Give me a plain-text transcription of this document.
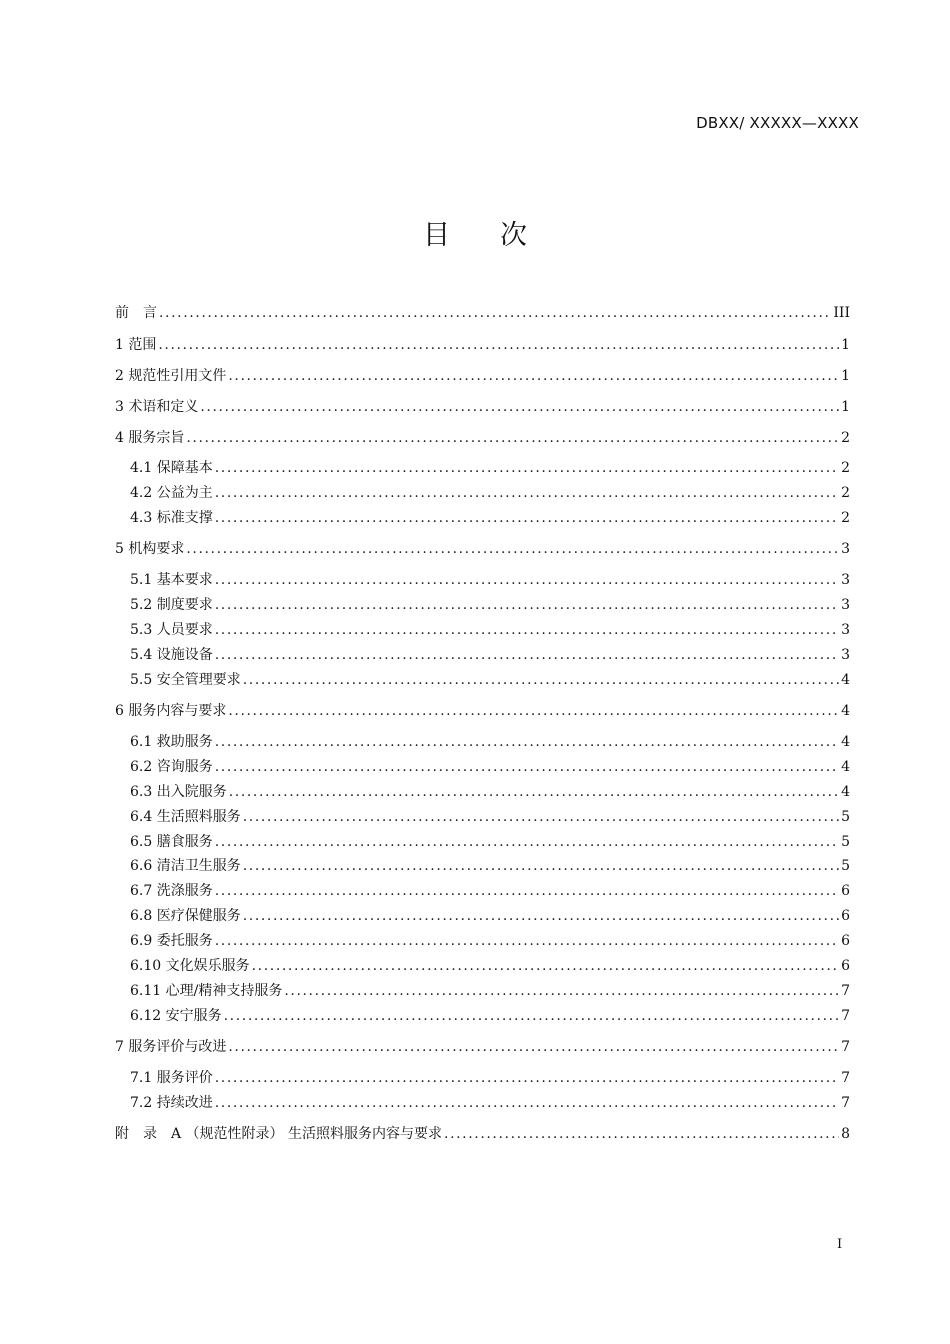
DBXX/ XXXXX—XXXX
目 次
前　言 .....	III
1 范围 .....	1
2 规范性引用文件 .....	1
3 术语和定义 .....	1
4 服务宗旨 .....	2
4.1 保障基本 .....	2
4.2 公益为主 .....	2
4.3 标准支撑 .....	2
5 机构要求 .....	3
5.1 基本要求 .....	3
5.2 制度要求 .....	3
5.3 人员要求 .....	3
5.4 设施设备 .....	3
5.5 安全管理要求 .....	4
6 服务内容与要求 .....	4
6.1 救助服务 .....	4
6.2 咨询服务 .....	4
6.3 出入院服务 .....	4
6.4 生活照料服务 .....	5
6.5 膳食服务 .....	5
6.6 清洁卫生服务 .....	5
6.7 洗涤服务 .....	6
6.8 医疗保健服务 .....	6
6.9 委托服务 .....	6
6.10 文化娱乐服务 .....	6
6.11 心理/精神支持服务 .....	7
6.12 安宁服务 .....	7
7 服务评价与改进 .....	7
7.1 服务评价 .....	7
7.2 持续改进 .....	7
附　录　A （规范性附录） 生活照料服务内容与要求 .....	8
I
